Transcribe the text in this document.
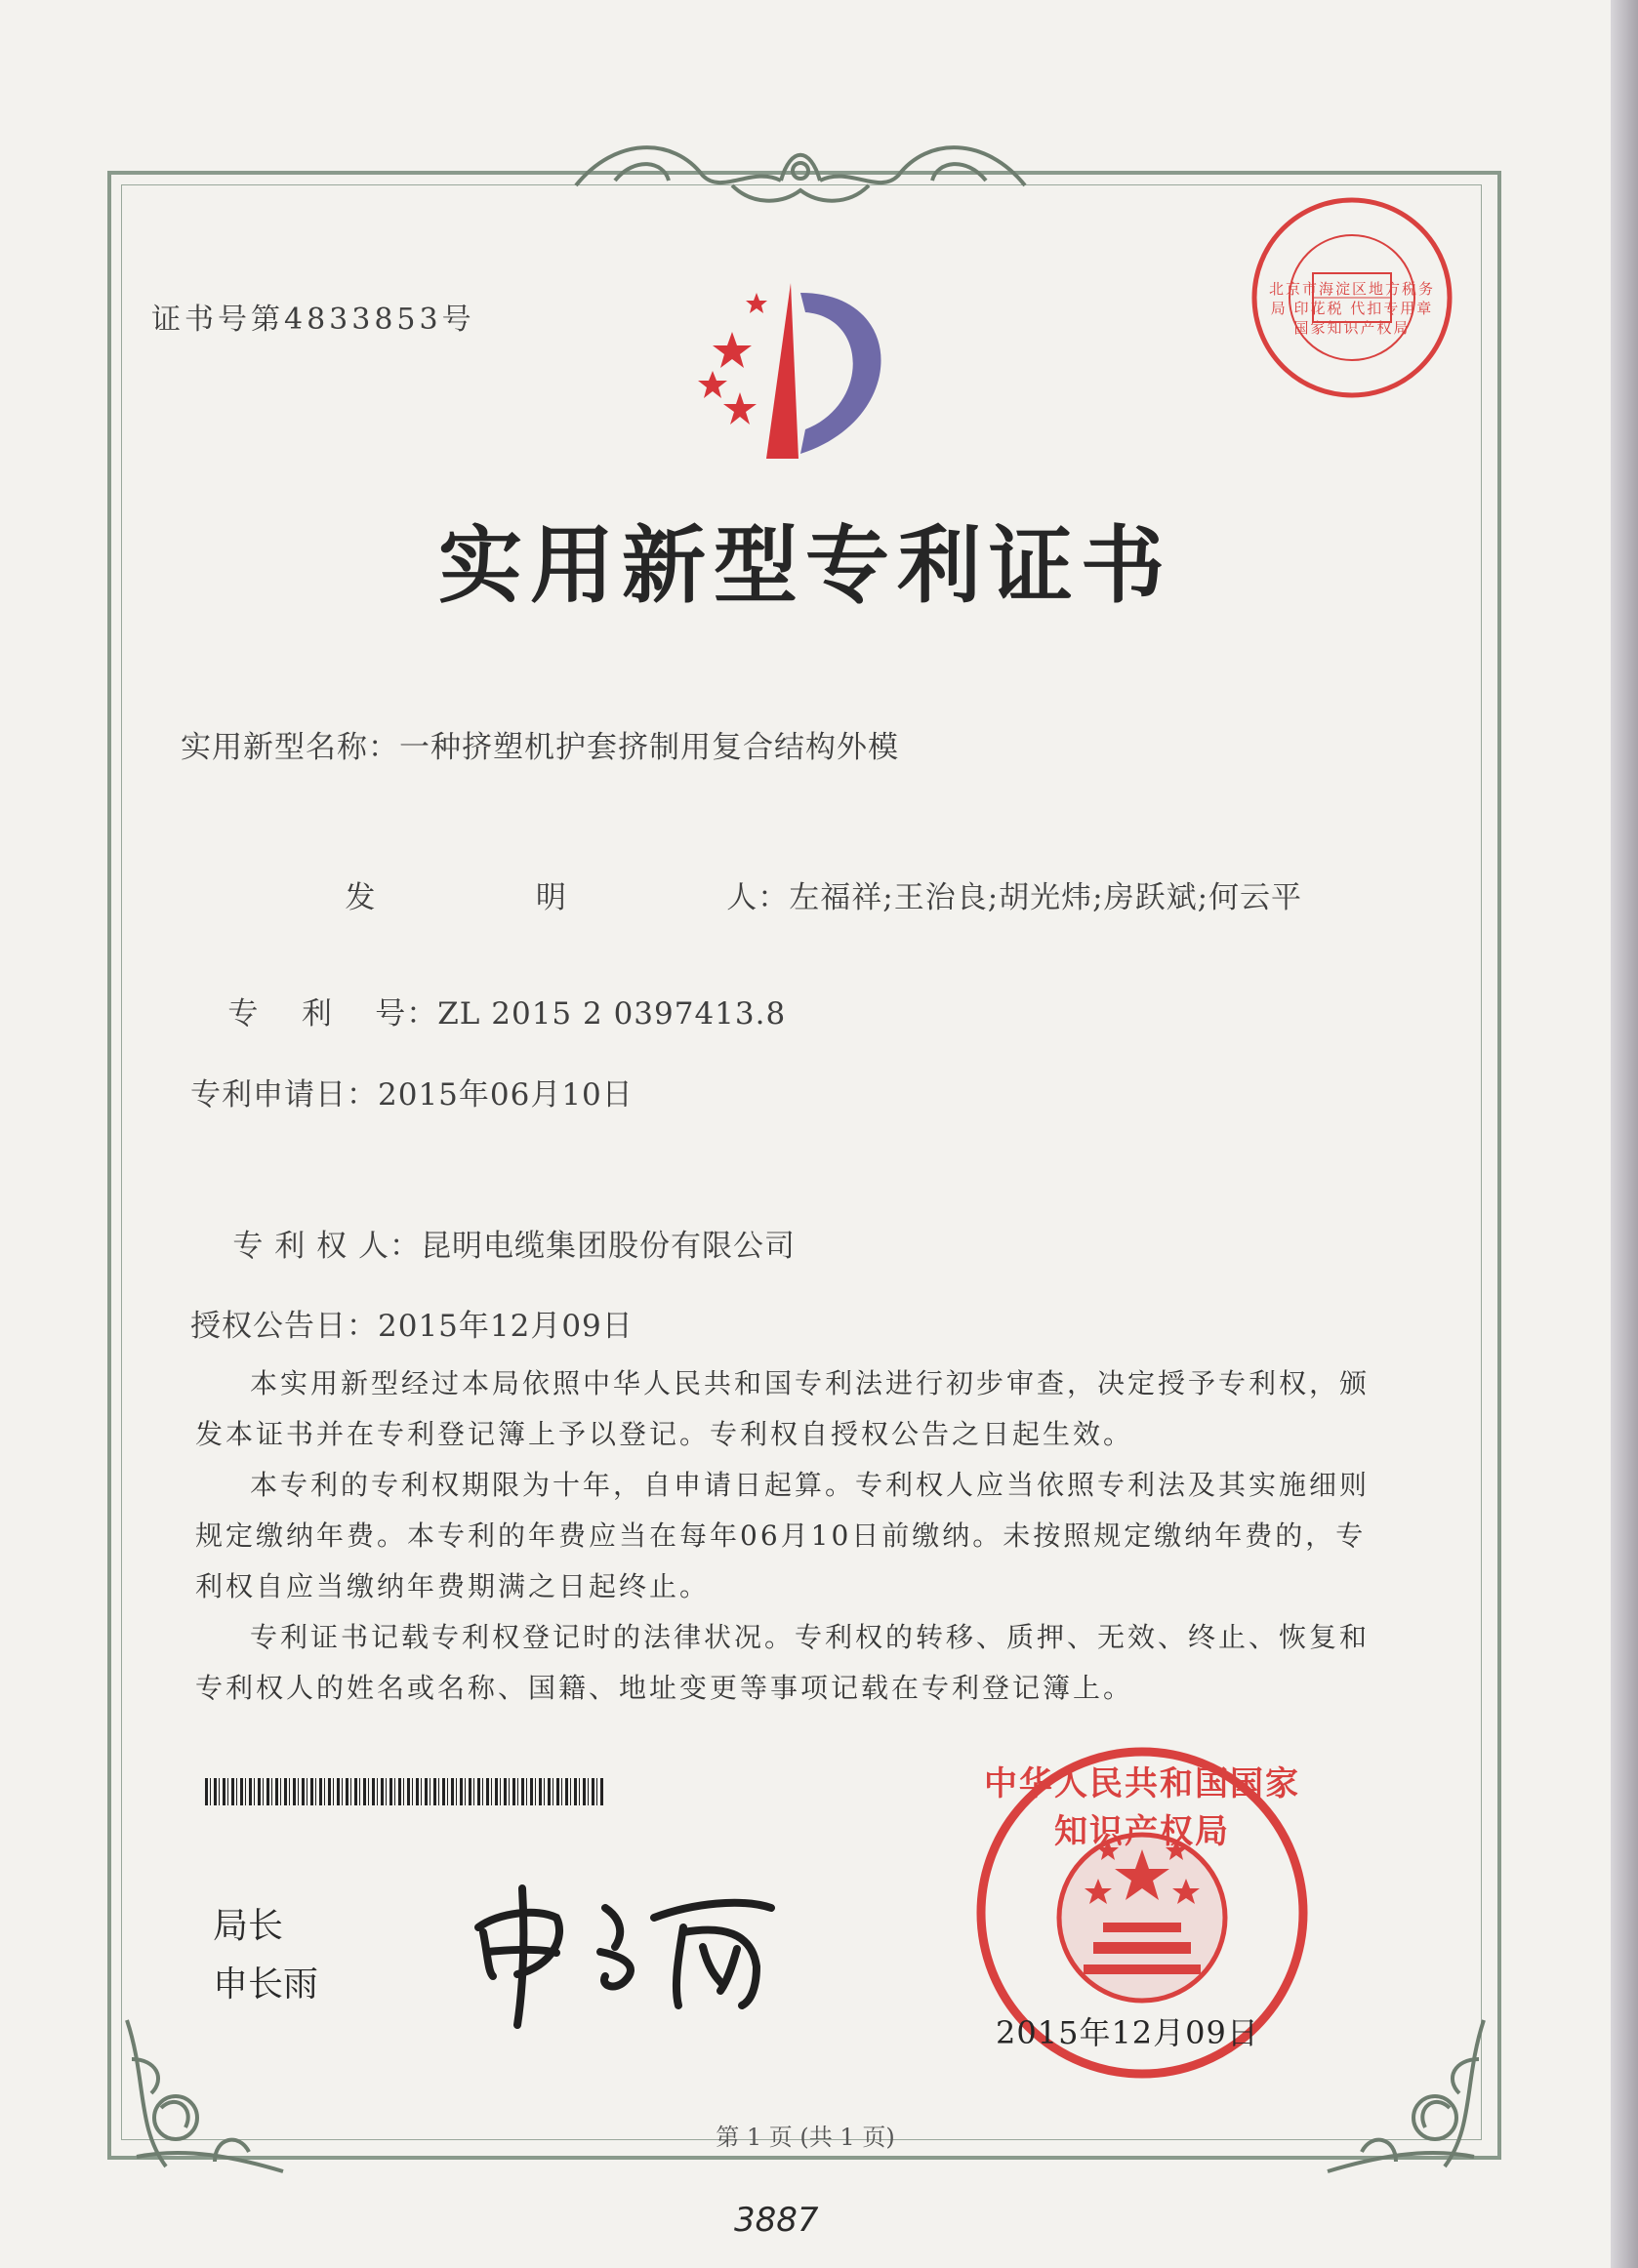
证书号第4833853号
北京市海淀区地方税务局 印花税 代扣专用章 国家知识产权局
实用新型专利证书
实用新型名称：一种挤塑机护套挤制用复合结构外模

发    明    人：左福祥;王治良;胡光炜;房跃斌;何云平

专    利    号：ZL 2015 2 0397413.8

专利申请日：2015年06月10日

专 利 权 人：昆明电缆集团股份有限公司

授权公告日：2015年12月09日

本实用新型经过本局依照中华人民共和国专利法进行初步审查，决定授予专利权，颁发本证书并在专利登记簿上予以登记。专利权自授权公告之日起生效。

本专利的专利权期限为十年，自申请日起算。专利权人应当依照专利法及其实施细则规定缴纳年费。本专利的年费应当在每年06月10日前缴纳。未按照规定缴纳年费的，专利权自应当缴纳年费期满之日起终止。

专利证书记载专利权登记时的法律状况。专利权的转移、质押、无效、终止、恢复和专利权人的姓名或名称、国籍、地址变更等事项记载在专利登记簿上。

局长
申长雨
中华人民共和国国家知识产权局
2015年12月09日
第 1 页 (共 1 页)
3887
